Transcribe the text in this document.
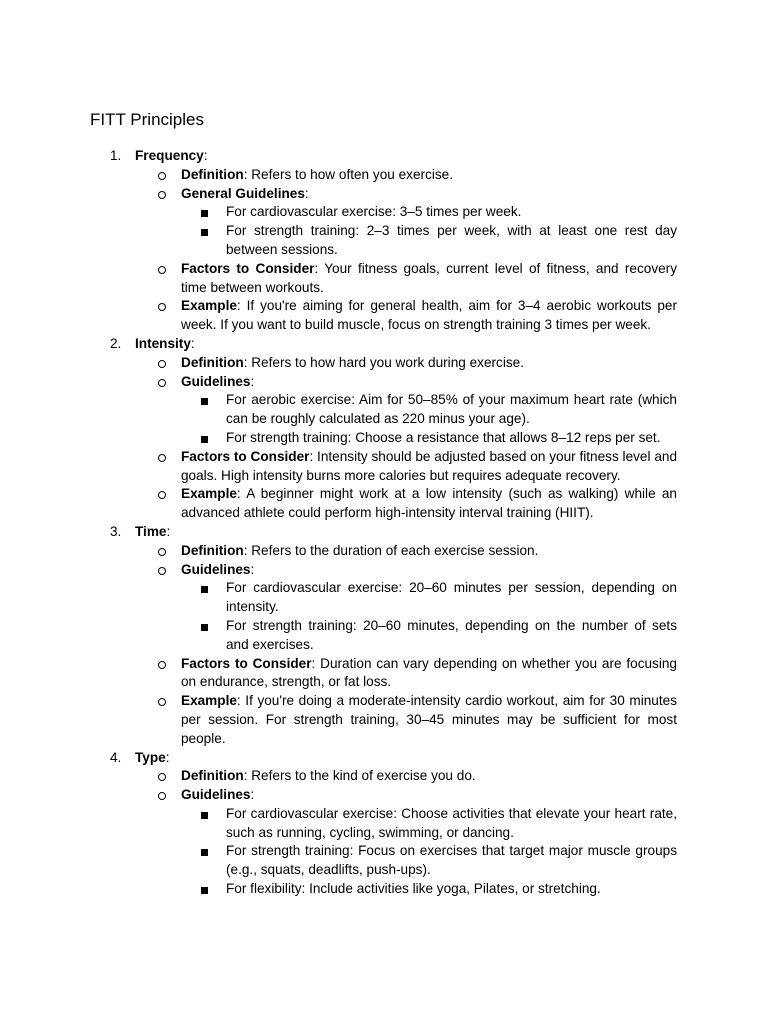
FITT Principles
1. Frequency:
Definition: Refers to how often you exercise.
General Guidelines:
For cardiovascular exercise: 3–5 times per week.
For strength training: 2–3 times per week, with at least one rest day between sessions.
Factors to Consider: Your fitness goals, current level of fitness, and recovery time between workouts.
Example: If you're aiming for general health, aim for 3–4 aerobic workouts per week. If you want to build muscle, focus on strength training 3 times per week.
2. Intensity:
Definition: Refers to how hard you work during exercise.
Guidelines:
For aerobic exercise: Aim for 50–85% of your maximum heart rate (which can be roughly calculated as 220 minus your age).
For strength training: Choose a resistance that allows 8–12 reps per set.
Factors to Consider: Intensity should be adjusted based on your fitness level and goals. High intensity burns more calories but requires adequate recovery.
Example: A beginner might work at a low intensity (such as walking) while an advanced athlete could perform high-intensity interval training (HIIT).
3. Time:
Definition: Refers to the duration of each exercise session.
Guidelines:
For cardiovascular exercise: 20–60 minutes per session, depending on intensity.
For strength training: 20–60 minutes, depending on the number of sets and exercises.
Factors to Consider: Duration can vary depending on whether you are focusing on endurance, strength, or fat loss.
Example: If you're doing a moderate-intensity cardio workout, aim for 30 minutes per session. For strength training, 30–45 minutes may be sufficient for most people.
4. Type:
Definition: Refers to the kind of exercise you do.
Guidelines:
For cardiovascular exercise: Choose activities that elevate your heart rate, such as running, cycling, swimming, or dancing.
For strength training: Focus on exercises that target major muscle groups (e.g., squats, deadlifts, push-ups).
For flexibility: Include activities like yoga, Pilates, or stretching.
